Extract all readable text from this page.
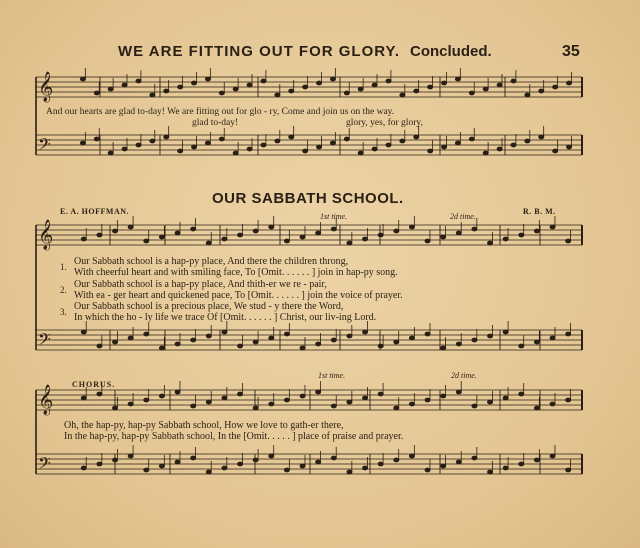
WE ARE FITTING OUT FOR GLORY. Concluded.	35
𝄞
𝄢
𝄞
𝄢
𝄞
𝄢
And our hearts are glad to-day! We are fitting out for glo - ry, Come and join us on the way.
glad to-day!	glory, yes, for glory,
OUR SABBATH SCHOOL.
E. A. HOFFMAN.	R. B. M.
1st time.	2d time.
1. Our Sabbath school is a hap-py place, And there the children throng,
With cheerful heart and with smiling face, To [Omit. . . . . . ] join in hap-py song.
2. Our Sabbath school is a hap-py place, And thith-er we re - pair,
With ea - ger heart and quickened pace, To [Omit. . . . . . ] join the voice of prayer.
3. Our Sabbath school is a precious place, We stud - y there the Word,
In which the ho - ly life we trace Of [Omit. . . . . . ] Christ, our liv-ing Lord.
CHORUS.
1st time.	2d time.
Oh, the hap-py, hap-py Sabbath school, How we love to gath-er there,
In the hap-py, hap-py Sabbath school, In the [Omit. . . . . ] place of praise and prayer.
